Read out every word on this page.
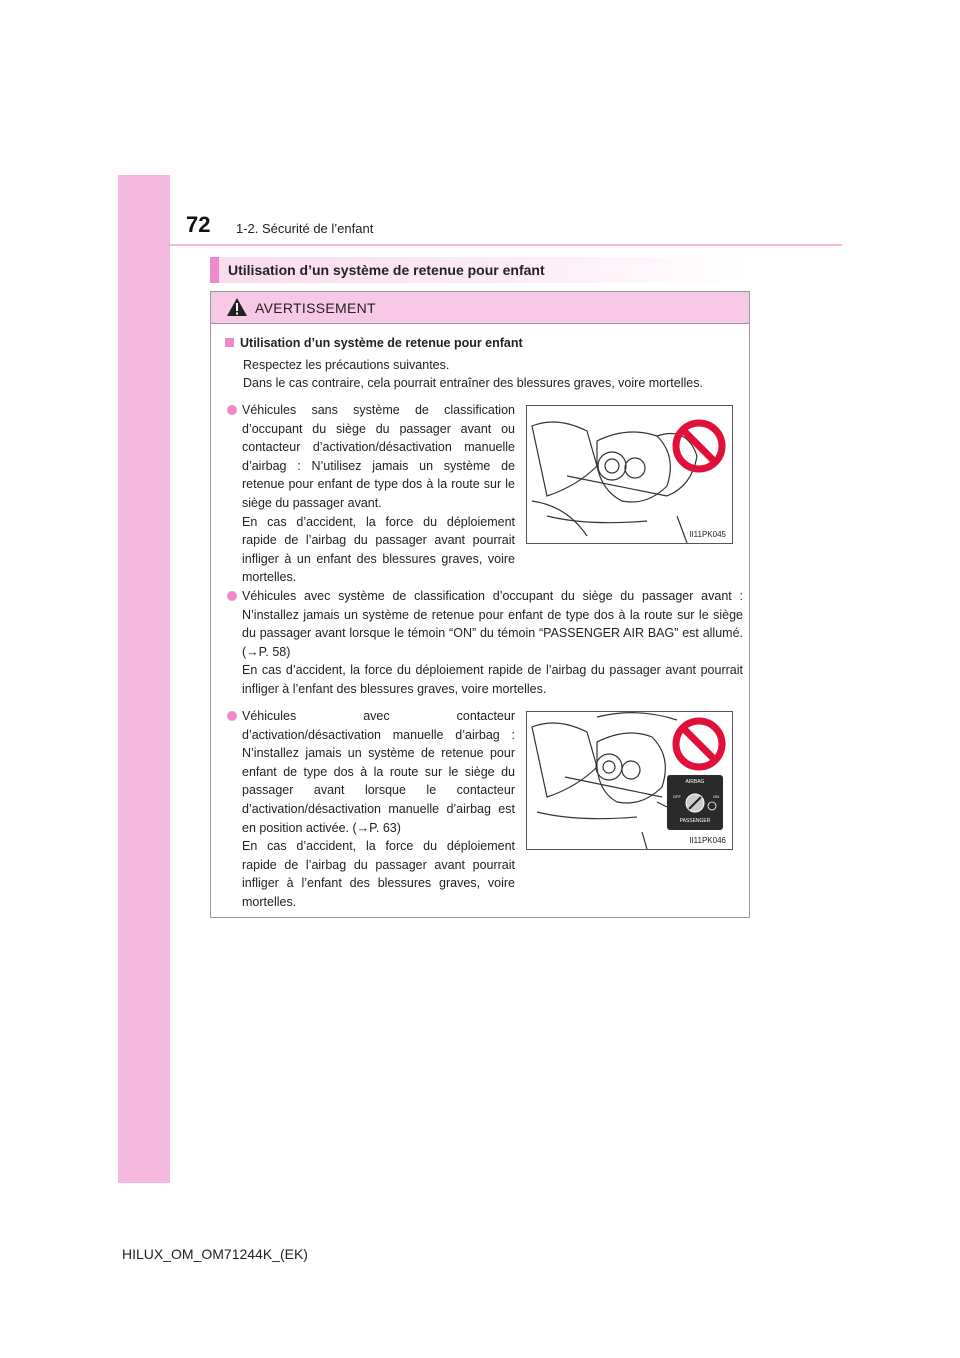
72 1-2. Sécurité de l’enfant
Utilisation d’un système de retenue pour enfant
AVERTISSEMENT
Utilisation d’un système de retenue pour enfant
Respectez les précautions suivantes.
Dans le cas contraire, cela pourrait entraîner des blessures graves, voire mortelles.
Véhicules sans système de classification d’occupant du siège du passager avant ou contacteur d’activation/désactivation manuelle d’airbag : N’utilisez jamais un système de retenue pour enfant de type dos à la route sur le siège du passager avant.
En cas d’accident, la force du déploiement rapide de l’airbag du passager avant pourrait infliger à un enfant des blessures graves, voire mortelles.
II11PK045
Véhicules avec système de classification d’occupant du siège du passager avant : N’installez jamais un système de retenue pour enfant de type dos à la route sur le siège du passager avant lorsque le témoin “ON” du témoin “PASSENGER AIR BAG” est allumé. (→P. 58)
En cas d’accident, la force du déploiement rapide de l’airbag du passager avant pourrait infliger à l’enfant des blessures graves, voire mortelles.
Véhicules avec contacteur d’activation/désactivation manuelle d’airbag : N’installez jamais un système de retenue pour enfant de type dos à la route sur le siège du passager avant lorsque le contacteur d’activation/désactivation manuelle d’airbag est en position activée. (→P. 63)
En cas d’accident, la force du déploiement rapide de l’airbag du passager avant pourrait infliger à l’enfant des blessures graves, voire mortelles.
AIRBAG
OFF	ON
PASSENGER
II11PK046
HILUX_OM_OM71244K_(EK)
